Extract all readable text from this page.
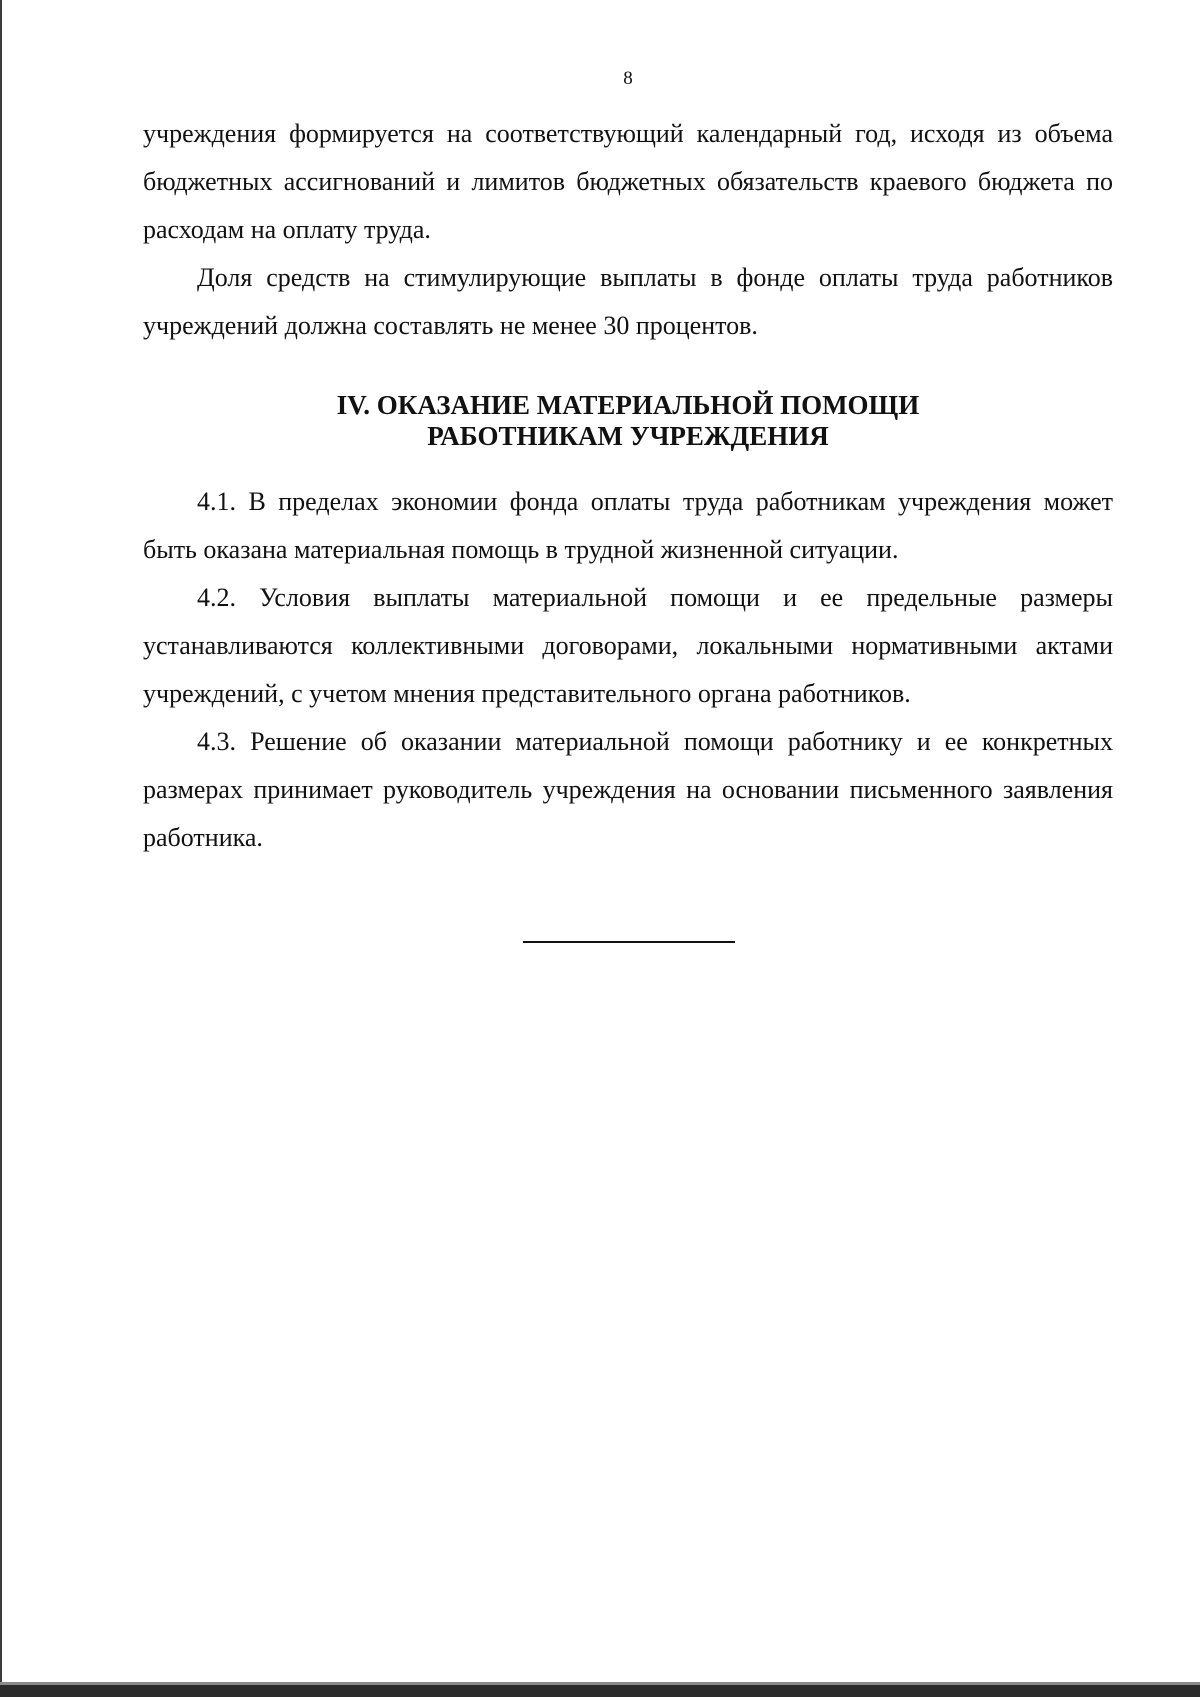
8

учреждения формируется на соответствующий календарный год, исходя из объема бюджетных ассигнований и лимитов бюджетных обязательств краевого бюджета по расходам на оплату труда.

Доля средств на стимулирующие выплаты в фонде оплаты труда работников учреждений должна составлять не менее 30 процентов.

IV. ОКАЗАНИЕ МАТЕРИАЛЬНОЙ ПОМОЩИ
РАБОТНИКАМ УЧРЕЖДЕНИЯ

4.1. В пределах экономии фонда оплаты труда работникам учреждения может быть оказана материальная помощь в трудной жизненной ситуации.

4.2. Условия выплаты материальной помощи и ее предельные размеры устанавливаются коллективными договорами, локальными нормативными актами учреждений, с учетом мнения представительного органа работников.

4.3. Решение об оказании материальной помощи работнику и ее конкретных размерах принимает руководитель учреждения на основании письменного заявления работника.
